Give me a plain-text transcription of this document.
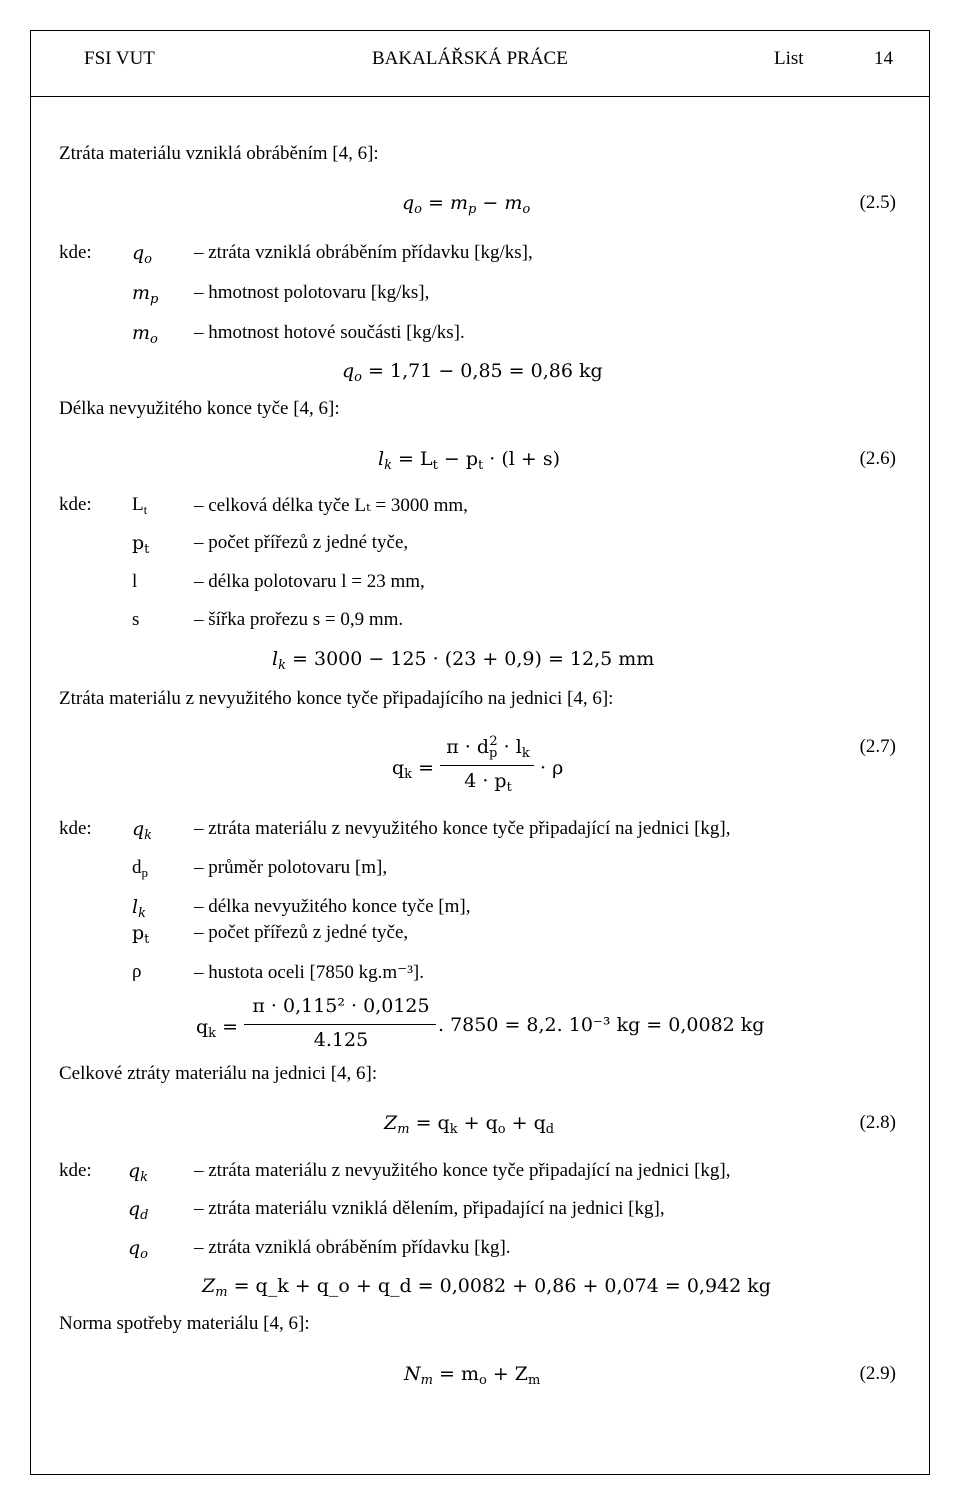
FSI VUT	BAKALÁŘSKÁ PRÁCE	List	14
Ztráta materiálu vzniklá obráběním [4, 6]:
$q_o = m_p - m_o$	(2.5)
kde: $q_o$ – ztráta vzniklá obráběním přídavku [kg/ks],
$m_p$ – hmotnost polotovaru [kg/ks],
$m_o$ – hmotnost hotové součásti [kg/ks].
$q_o = 1,71 - 0,85 = 0,86$ kg
Délka nevyužitého konce tyče [4, 6]:
$l_k = L_t - p_t \cdot (l + s)$	(2.6)
kde: $L_t$ – celková délka tyče Lₜ = 3000 mm,
$p_t$ – počet přířezů z jedné tyče,
l	– délka polotovaru l = 23 mm,
s	– šířka prořezu s = 0,9 mm.
$l_k = 3000 - 125 \cdot (23 + 0,9) = 12,5$ mm
Ztráta materiálu z nevyužitého konce tyče připadajícího na jednici [4, 6]:
$q_k$ =
$\pi \cdot d_p^2 \cdot l_k$
$4 \cdot p_t$
· ρ
(2.7)
kde: $q_k$ – ztráta materiálu z nevyužitého konce tyče připadající na jednici [kg],
$d_p$ – průměr polotovaru [m],
$l_k$	– délka nevyužitého konce tyče [m],
$p_t$ – počet přířezů z jedné tyče,
ρ	– hustota oceli [7850 kg.m⁻³].
$q_k$ =
π · 0,115² · 0,0125
4.125
. 7850 = 8,2. 10⁻³ kg = 0,0082 kg
Celkové ztráty materiálu na jednici [4, 6]:
$Z_m = q_k + q_o + q_d$	(2.8)
kde: $q_k$ – ztráta materiálu z nevyužitého konce tyče připadající na jednici [kg],
$q_d$ – ztráta materiálu vzniklá dělením, připadající na jednici [kg],
$q_o$ – ztráta vzniklá obráběním přídavku [kg].
$Z_m$ = q_k + q_o + q_d = 0,0082 + 0,86 + 0,074 = 0,942 kg
Norma spotřeby materiálu [4, 6]:
$N_m = m_o + Z_m$	(2.9)
